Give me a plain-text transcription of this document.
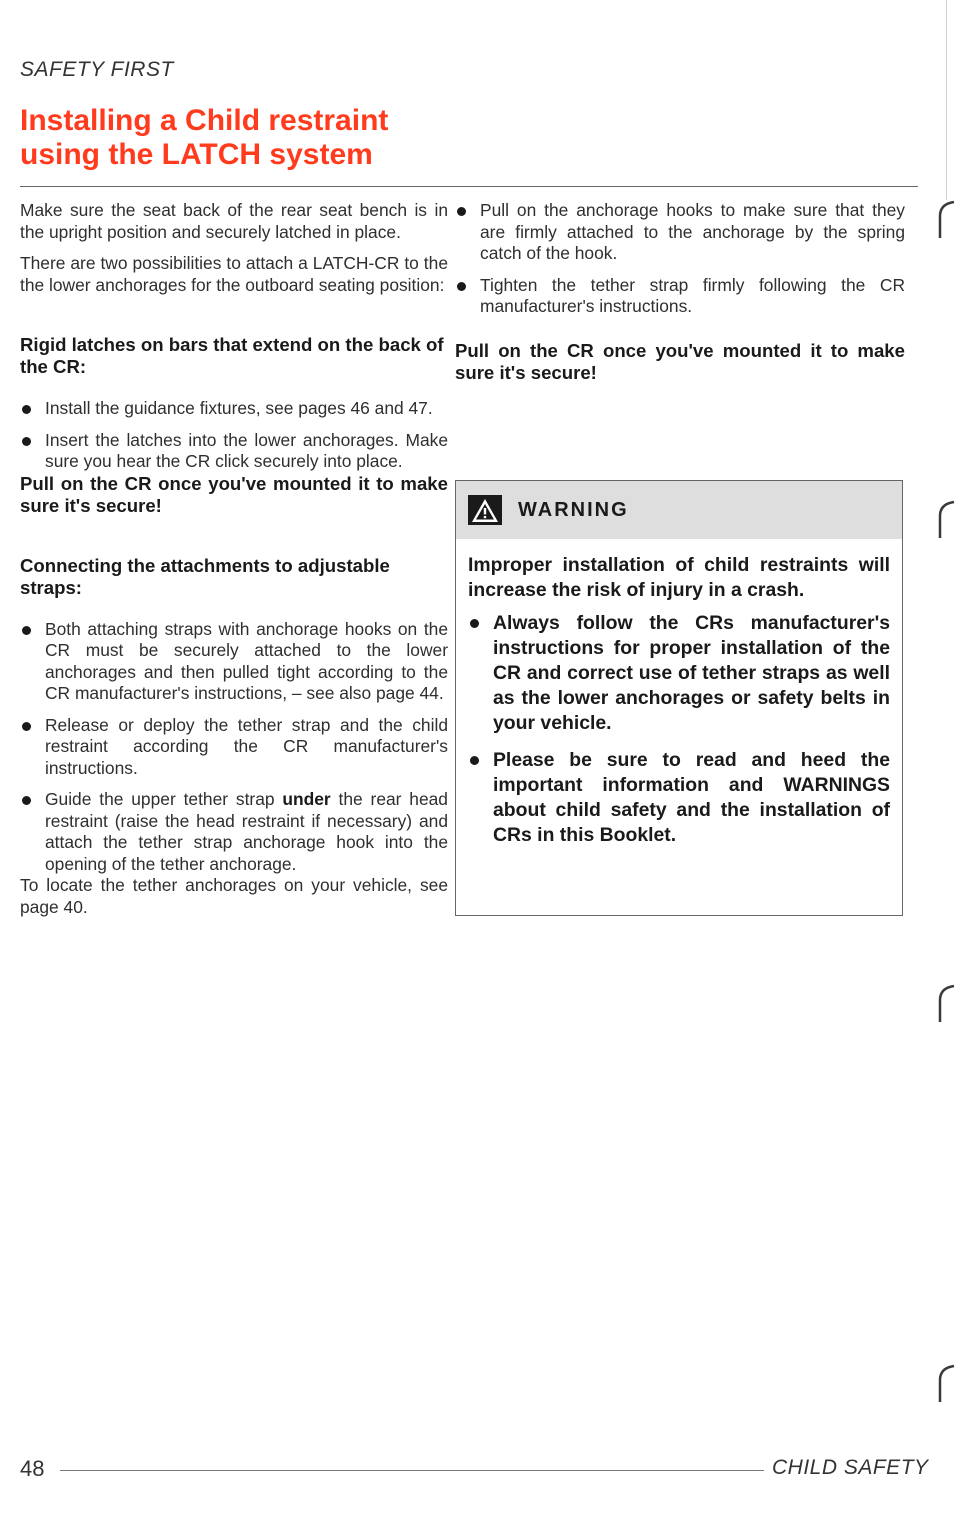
SAFETY FIRST
Installing a Child restraint
using the LATCH system

Make sure the seat back of the rear seat bench is in the upright position and securely latched in place.

There are two possibilities to attach a LATCH-CR to the the lower anchorages for the outboard seating position:

Rigid latches on bars that extend on the back of the CR:
Install the guidance fixtures, see pages 46 and 47.
Insert the latches into the lower anchorages. Make sure you hear the CR click securely into place.

Pull on the CR once you've mounted it to make sure it's secure!

Connecting the attachments to adjustable straps:
Both attaching straps with anchorage hooks on the CR must be securely attached to the lower anchorages and then pulled tight according to the CR manufacturer's instructions, – see also page 44.
Release or deploy the tether strap and the child restraint according the CR manufacturer's instructions.
Guide the upper tether strap under the rear head restraint (raise the head restraint if necessary) and attach the tether strap anchorage hook into the opening of the tether anchorage.

To locate the tether anchorages on your vehicle, see page 40.

Pull on the anchorage hooks to make sure that they are firmly attached to the anchorage by the spring catch of the hook.
Tighten the tether strap firmly following the CR manufacturer's instructions.

Pull on the CR once you've mounted it to make sure it's secure!

WARNING

Improper installation of child restraints will increase the risk of injury in a crash.

Always follow the CRs manufacturer's instructions for proper installation of the CR and correct use of tether straps as well as the lower anchorages or safety belts in your vehicle.
Please be sure to read and heed the important information and WARNINGS about child safety and the installation of CRs in this Booklet.
48	CHILD SAFETY
